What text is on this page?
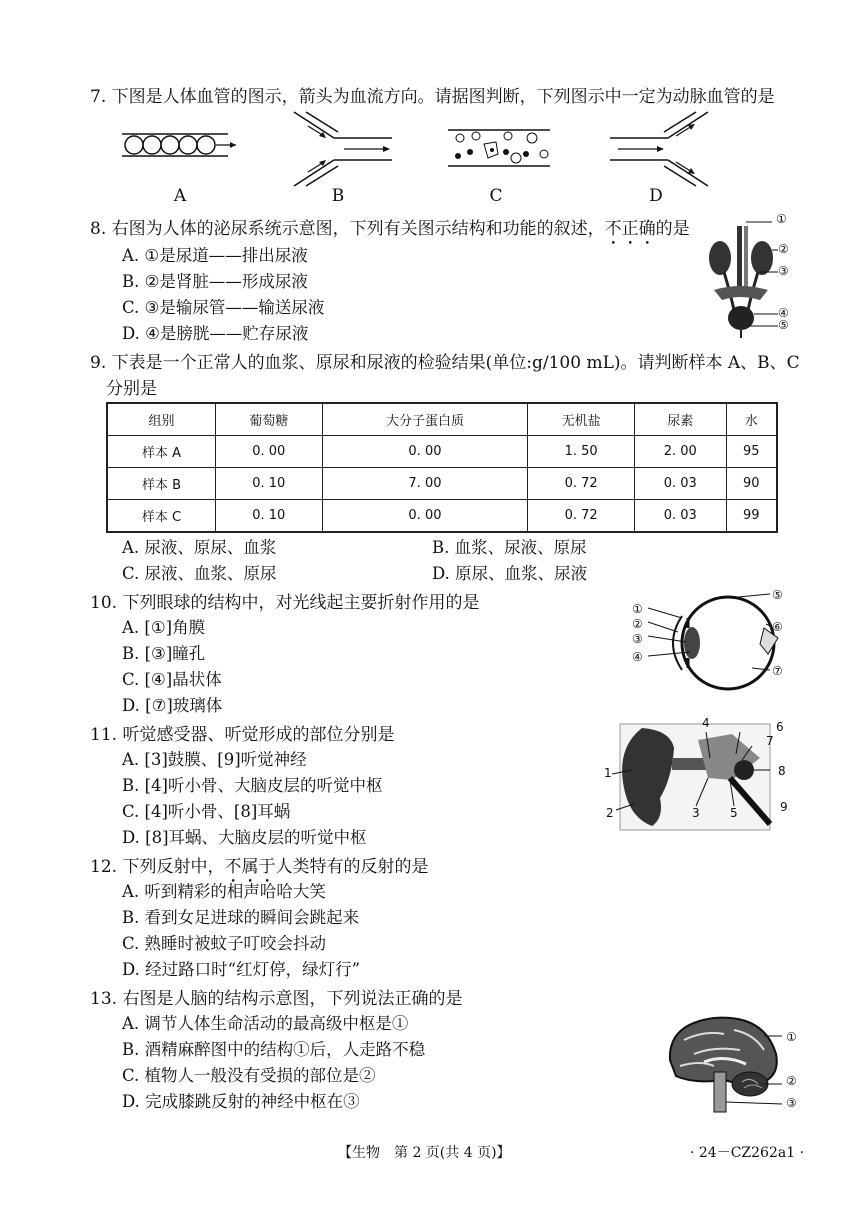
7. 下图是人体血管的图示，箭头为血流方向。请据图判断，下列图示中一定为动脉血管的是
A	B	C	D
8. 右图为人体的泌尿系统示意图，下列有关图示结构和功能的叙述，不正确的是
A. ①是尿道——排出尿液
B. ②是肾脏——形成尿液
C. ③是输尿管——输送尿液
D. ④是膀胱——贮存尿液
①
②
③
④
⑤
9. 下表是一个正常人的血浆、原尿和尿液的检验结果(单位:g/100 mL)。请判断样本 A、B、C
分别是
组别	葡萄糖	大分子蛋白质	无机盐	尿素	水
样本 A	0. 00	0. 00	1. 50	2. 00	95
样本 B	0. 10	7. 00	0. 72	0. 03	90
样本 C	0. 10	0. 00	0. 72	0. 03	99
A. 尿液、原尿、血浆	B. 血浆、尿液、原尿
C. 尿液、血浆、原尿	D. 原尿、血浆、尿液
10. 下列眼球的结构中，对光线起主要折射作用的是
A. [①]角膜
B. [③]瞳孔
C. [④]晶状体
D. [⑦]玻璃体
①
②
③
④
⑤
⑥
⑦
11. 听觉感受器、听觉形成的部位分别是
A. [3]鼓膜、[9]听觉神经
B. [4]听小骨、大脑皮层的听觉中枢
C. [4]听小骨、[8]耳蜗
D. [8]耳蜗、大脑皮层的听觉中枢
4	6
7
8
1
2	3	5	9
12. 下列反射中，不属于人类特有的反射的是
A. 听到精彩的相声哈哈大笑
B. 看到女足进球的瞬间会跳起来
C. 熟睡时被蚊子叮咬会抖动
D. 经过路口时“红灯停，绿灯行”
13. 右图是人脑的结构示意图，下列说法正确的是
A. 调节人体生命活动的最高级中枢是①
B. 酒精麻醉图中的结构①后，人走路不稳
C. 植物人一般没有受损的部位是②
D. 完成膝跳反射的神经中枢在③
①
②
③
【生物　第 2 页(共 4 页)】	· 24－CZ262a1 ·
